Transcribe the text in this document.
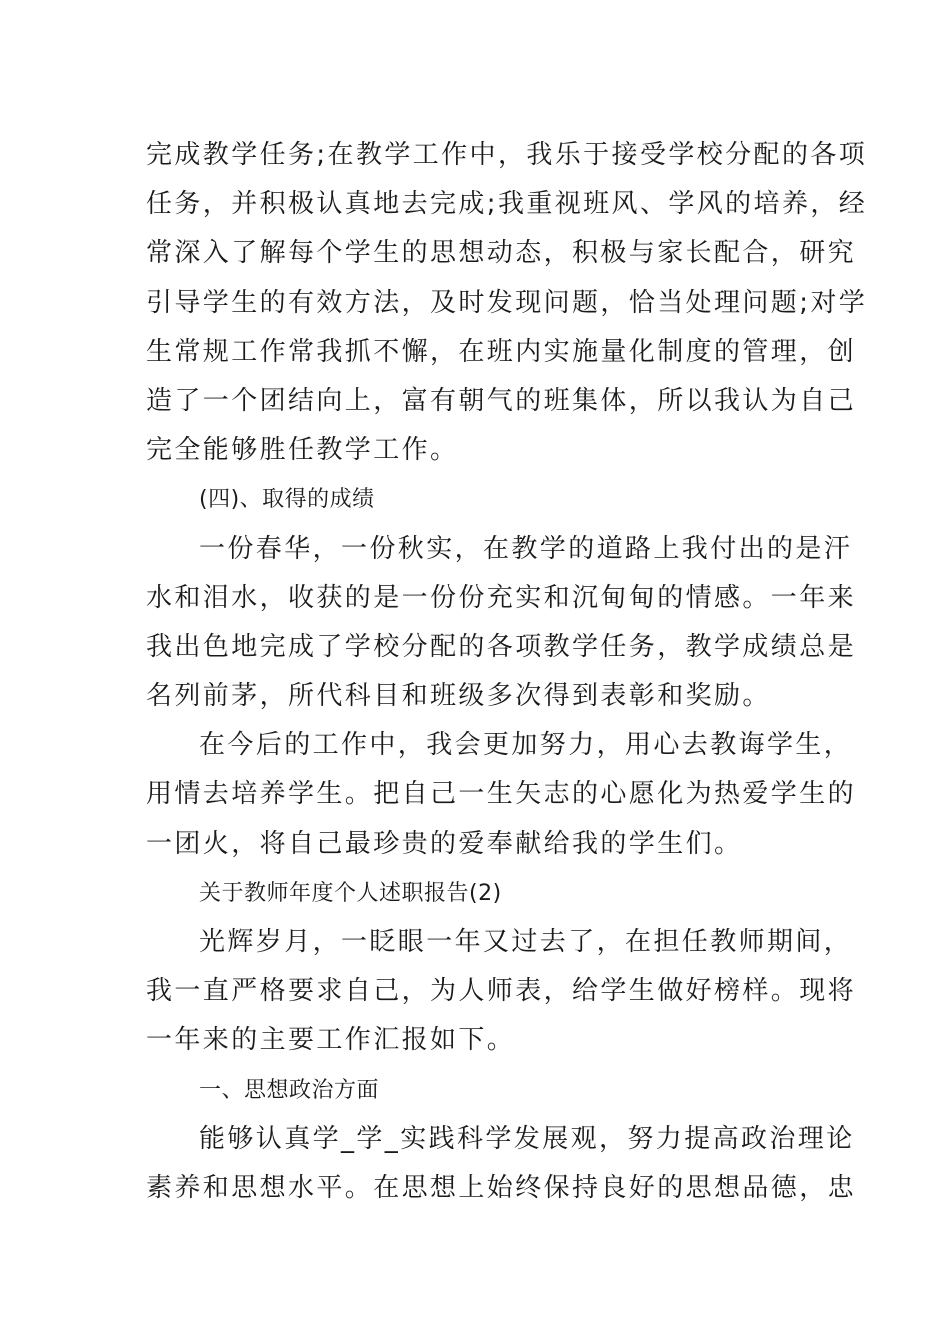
完成教学任务;在教学工作中，我乐于接受学校分配的各项
任务，并积极认真地去完成;我重视班风、学风的培养，经
常深入了解每个学生的思想动态，积极与家长配合，研究
引导学生的有效方法，及时发现问题，恰当处理问题;对学
生常规工作常我抓不懈，在班内实施量化制度的管理，创
造了一个团结向上，富有朝气的班集体，所以我认为自己
完全能够胜任教学工作。
(四)、取得的成绩
一份春华，一份秋实，在教学的道路上我付出的是汗
水和泪水，收获的是一份份充实和沉甸甸的情感。一年来
我出色地完成了学校分配的各项教学任务，教学成绩总是
名列前茅，所代科目和班级多次得到表彰和奖励。
在今后的工作中，我会更加努力，用心去教诲学生，
用情去培养学生。把自己一生矢志的心愿化为热爱学生的
一团火，将自己最珍贵的爱奉献给我的学生们。
关于教师年度个人述职报告(2)
光辉岁月，一眨眼一年又过去了，在担任教师期间，
我一直严格要求自己，为人师表，给学生做好榜样。现将
一年来的主要工作汇报如下。
一、思想政治方面
能够认真学_学_实践科学发展观，努力提高政治理论
素养和思想水平。在思想上始终保持良好的思想品德，忠
